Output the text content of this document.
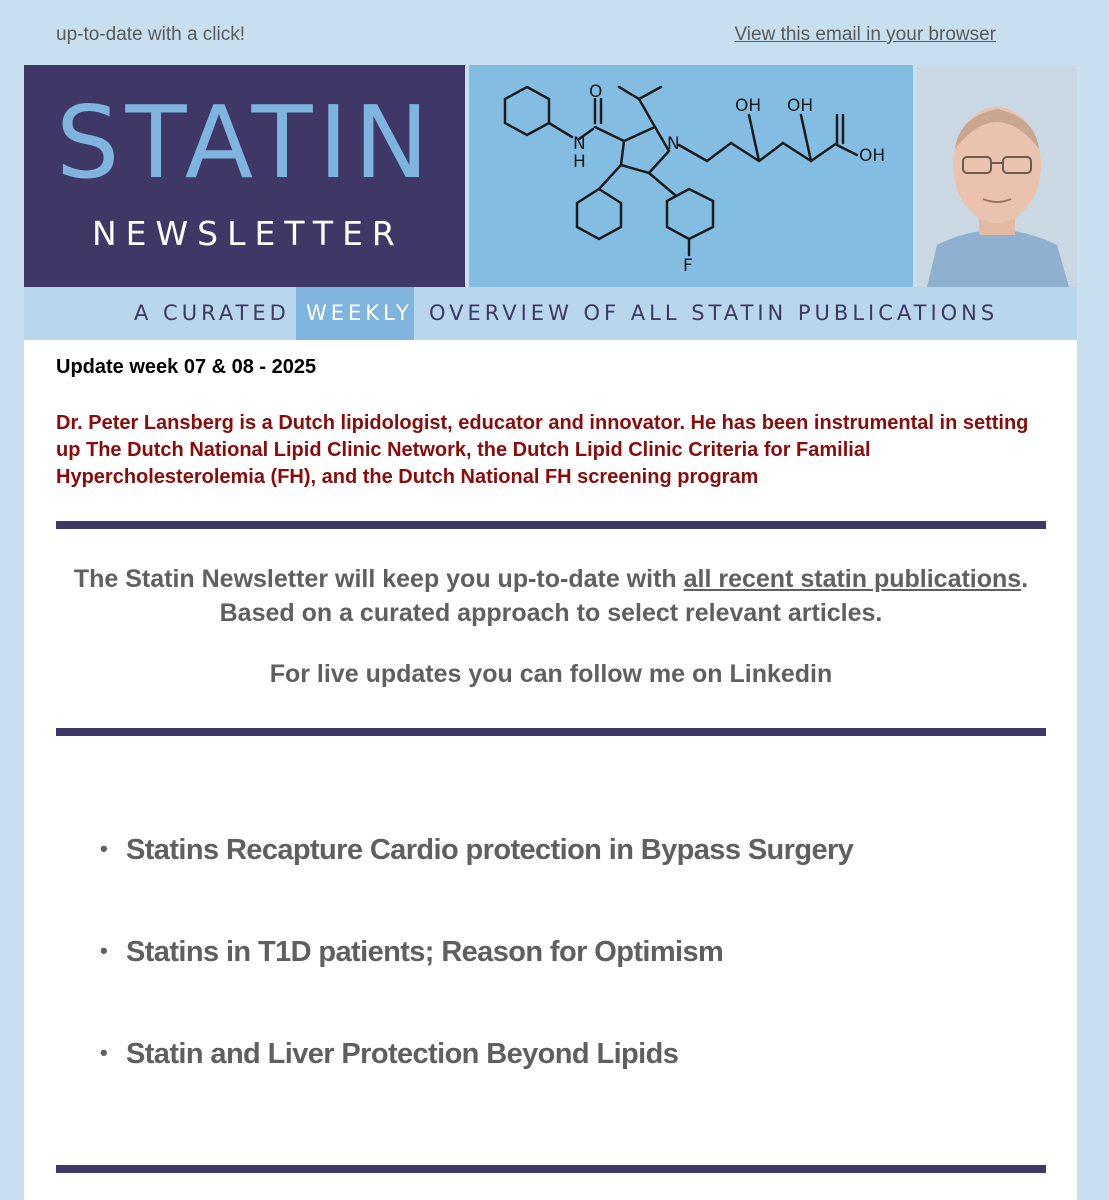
up-to-date with a click!	View this email in your browser
STATIN
NEWSLETTER
O
N
H
N
OH OH
OH
F
A CURATED WEEKLY OVERVIEW OF ALL STATIN PUBLICATIONS
Update week 07 & 08 - 2025
Dr. Peter Lansberg is a Dutch lipidologist, educator and innovator. He has been instrumental in setting up The Dutch National Lipid Clinic Network, the Dutch Lipid Clinic Criteria for Familial Hypercholesterolemia (FH), and the Dutch National FH screening program
The Statin Newsletter will keep you up-to-date with all recent statin publications. Based on a curated approach to select relevant articles.
For live updates you can follow me on Linkedin
• Statins Recapture Cardio protection in Bypass Surgery
• Statins in T1D patients; Reason for Optimism
• Statin and Liver Protection Beyond Lipids
